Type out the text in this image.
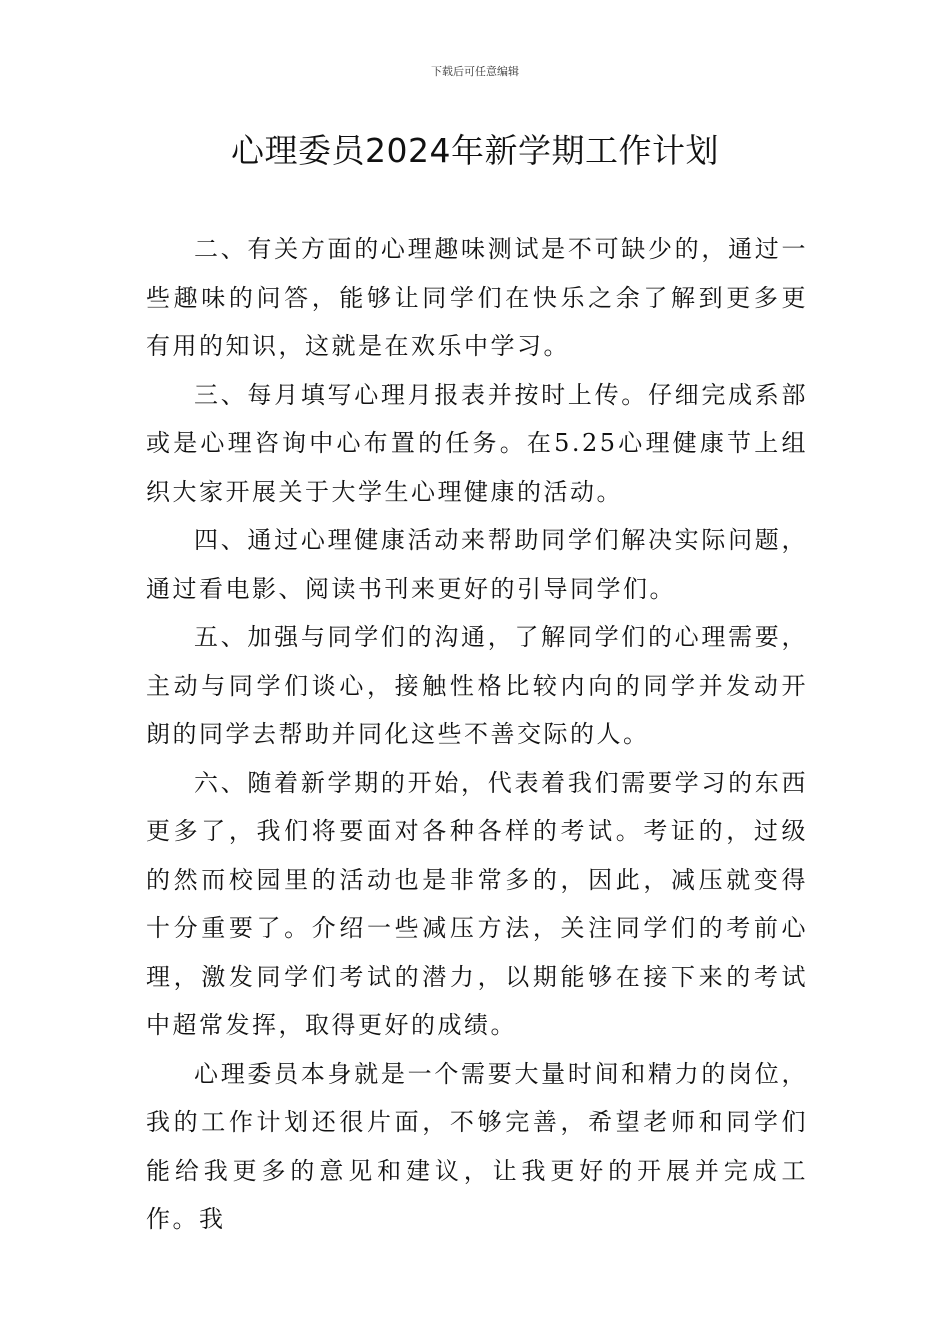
下载后可任意编辑
心理委员2024年新学期工作计划

二、有关方面的心理趣味测试是不可缺少的，通过一些趣味的问答，能够让同学们在快乐之余了解到更多更有用的知识，这就是在欢乐中学习。

三、每月填写心理月报表并按时上传。仔细完成系部或是心理咨询中心布置的任务。在5.25心理健康节上组织大家开展关于大学生心理健康的活动。

四、通过心理健康活动来帮助同学们解决实际问题，通过看电影、阅读书刊来更好的引导同学们。

五、加强与同学们的沟通，了解同学们的心理需要，主动与同学们谈心，接触性格比较内向的同学并发动开朗的同学去帮助并同化这些不善交际的人。

六、随着新学期的开始，代表着我们需要学习的东西更多了，我们将要面对各种各样的考试。考证的，过级的然而校园里的活动也是非常多的，因此，减压就变得十分重要了。介绍一些减压方法，关注同学们的考前心理，激发同学们考试的潜力，以期能够在接下来的考试中超常发挥，取得更好的成绩。

心理委员本身就是一个需要大量时间和精力的岗位，我的工作计划还很片面，不够完善，希望老师和同学们能给我更多的意见和建议，让我更好的开展并完成工作。我
